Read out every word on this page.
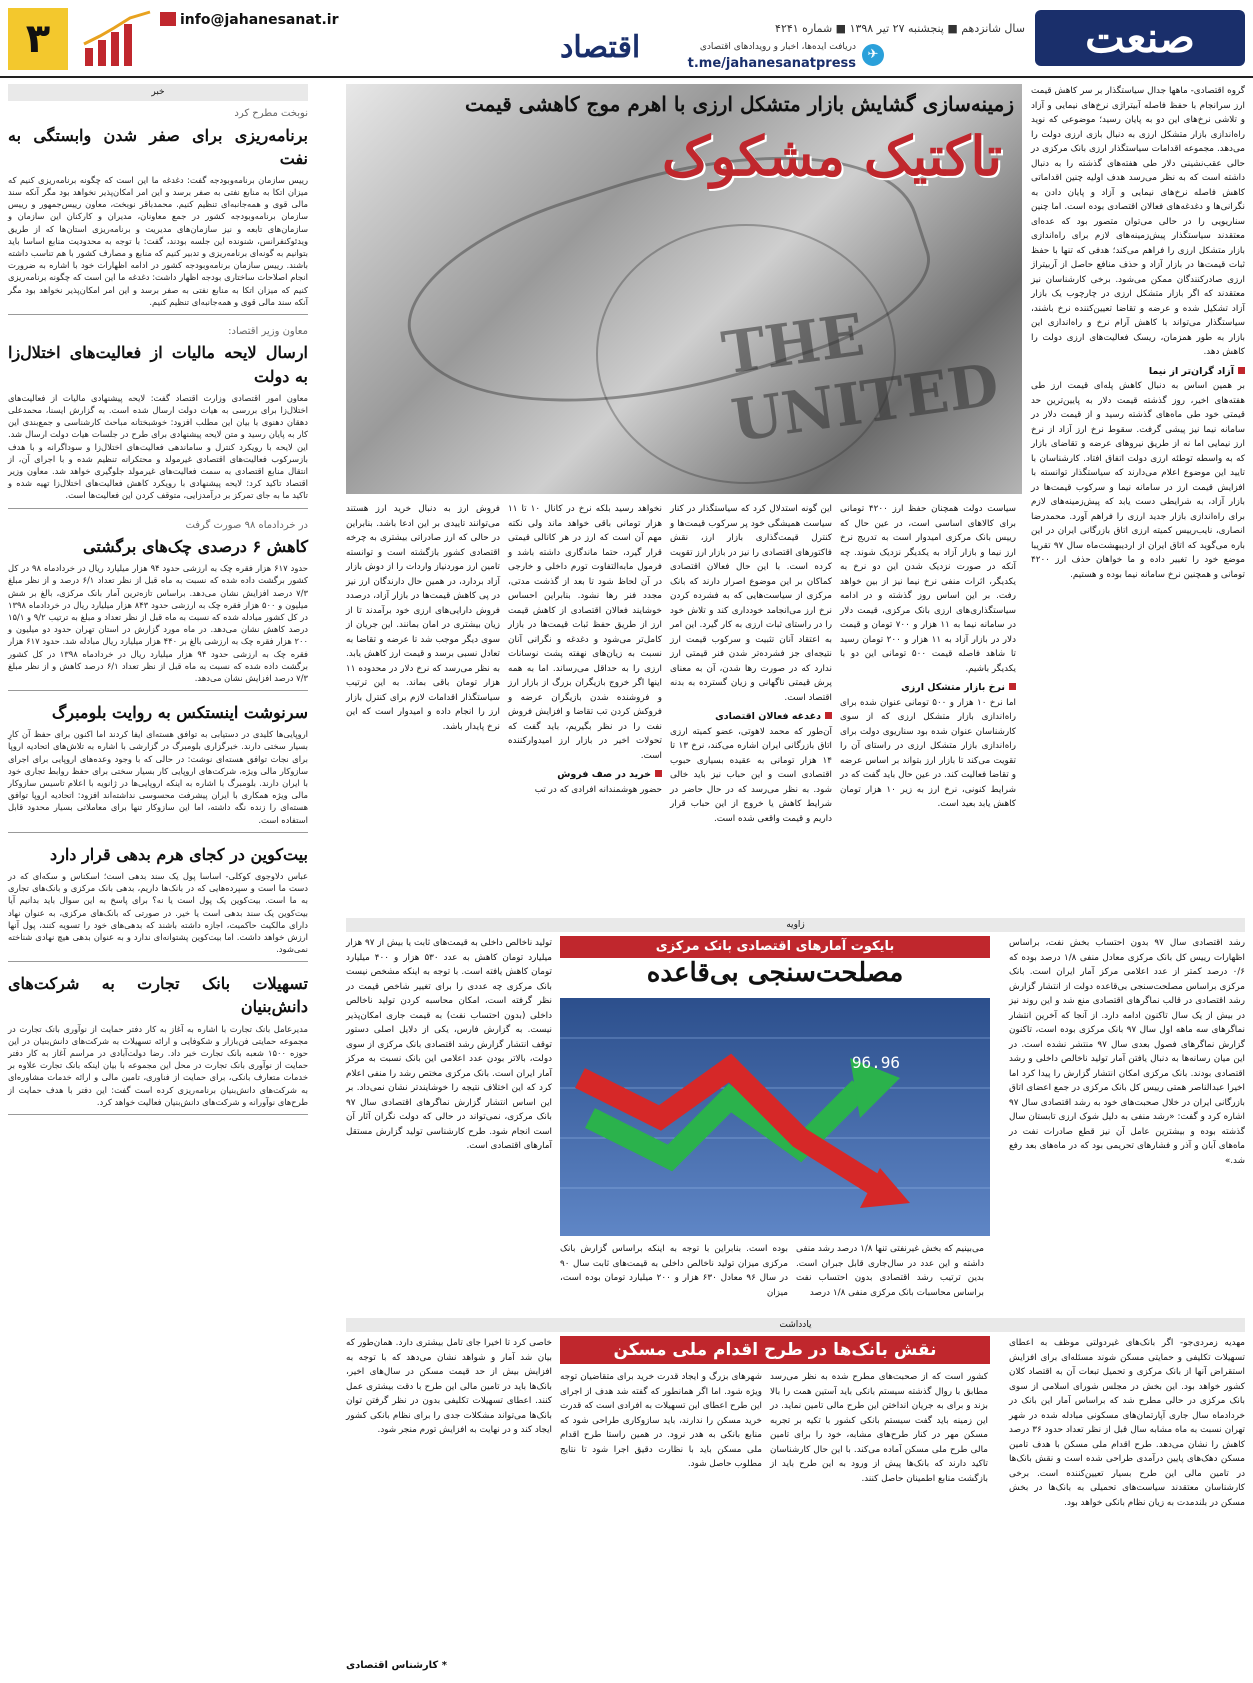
صنعت
سال شانزدهم ■ پنجشنبه ۲۷ تیر ۱۳۹۸ ■ شماره ۴۲۴۱
اقتصاد	✈
دریافت ایده‌ها، اخبار و رویدادهای اقتصادی
t.me/jahanesanatpress
info@jahanesanat.ir
۳
خبر
نوبخت مطرح کرد
برنامه‌ریزی برای صفر شدن وابستگی به نفت
رییس سازمان برنامه‌وبودجه گفت: دغدغه ما این است که چگونه برنامه‌ریزی کنیم که میزان اتکا به منابع نفتی به صفر برسد و این امر امکان‌پذیر نخواهد بود مگر آنکه سند مالی قوی و همه‌جانبه‌ای تنظیم کنیم. محمدباقر نوبخت، معاون رییس‌جمهور و رییس سازمان برنامه‌وبودجه کشور در جمع معاونان، مدیران و کارکنان این سازمان و سازمان‌های تابعه و نیز سازمان‌های مدیریت و برنامه‌ریزی استان‌ها که از طریق ویدئوکنفرانس، شنونده این جلسه بودند، گفت: با توجه به محدودیت منابع اساسا باید بتوانیم به گونه‌ای برنامه‌ریزی و تدبیر کنیم که منابع و مصارف کشور با هم تناسب داشته باشند. رییس سازمان برنامه‌وبودجه کشور در ادامه اظهارات خود با اشاره به ضرورت انجام اصلاحات ساختاری بودجه اظهار داشت: دغدغه ما این است که چگونه برنامه‌ریزی کنیم که میزان اتکا به منابع نفتی به صفر برسد و این امر امکان‌پذیر نخواهد بود مگر آنکه سند مالی قوی و همه‌جانبه‌ای تنظیم کنیم.
معاون وزیر اقتصاد:
ارسال لایحه مالیات از فعالیت‌های اختلال‌زا به دولت
معاون امور اقتصادی وزارت اقتصاد گفت: لایحه پیشنهادی مالیات از فعالیت‌های اختلال‌زا برای بررسی به هیات دولت ارسال شده است. به گزارش ایسنا، محمدعلی دهقان دهنوی با بیان این مطلب افزود: خوشبختانه مباحث کارشناسی و جمع‌بندی این کار به پایان رسید و متن لایحه پیشنهادی برای طرح در جلسات هیات دولت ارسال شد. این لایحه با رویکرد کنترل و ساماندهی فعالیت‌های اختلال‌زا و سوداگرانه و با هدف بازسرکوب فعالیت‌های اقتصادی غیرمولد و محتکرانه تنظیم شده و با اجرای آن، از انتقال منابع اقتصادی به سمت فعالیت‌های غیرمولد جلوگیری خواهد شد. معاون وزیر اقتصاد تاکید کرد: لایحه پیشنهادی با رویکرد کاهش فعالیت‌های اختلال‌زا تهیه شده و تاکید ما به جای تمرکز بر درآمدزایی، متوقف کردن این فعالیت‌ها است.
در خردادماه ۹۸ صورت گرفت
کاهش ۶ درصدی چک‌های برگشتی
حدود ۶۱۷ هزار فقره چک به ارزشی حدود ۹۴ هزار میلیارد ریال در خردادماه ۹۸ در کل کشور برگشت داده شده که نسبت به ماه قبل از نظر تعداد ۶/۱ درصد و از نظر مبلغ ۷/۳ درصد افزایش نشان می‌دهد. براساس تازه‌ترین آمار بانک مرکزی، بالغ بر شش میلیون و ۵۰۰ هزار فقره چک به ارزشی حدود ۸۴۳ هزار میلیارد ریال در خردادماه ۱۳۹۸ در کل کشور مبادله شده که نسبت به ماه قبل از نظر تعداد و مبلغ به ترتیب ۹/۲ و ۱۵/۱ درصد کاهش نشان می‌دهد. در ماه مورد گزارش در استان تهران حدود دو میلیون و ۲۰۰ هزار فقره چک به ارزشی بالغ بر ۴۴۰ هزار میلیارد ریال مبادله شد. حدود ۶۱۷ هزار فقره چک به ارزشی حدود ۹۴ هزار میلیارد ریال در خردادماه ۱۳۹۸ در کل کشور برگشت داده شده که نسبت به ماه قبل از نظر تعداد ۶/۱ درصد کاهش و از نظر مبلغ ۷/۳ درصد افزایش نشان می‌دهد.
سرنوشت اینستکس به روایت بلومبرگ
اروپایی‌ها کلیدی در دستیابی به توافق هسته‌ای ایفا کردند اما اکنون برای حفظ آن کارِ بسیار سختی دارند. خبرگزاری بلومبرگ در گزارشی با اشاره به تلاش‌های اتحادیه اروپا برای نجات توافق هسته‌ای نوشت: در حالی که با وجود وعده‌های اروپایی برای اجرای سازوکار مالی ویژه، شرکت‌های اروپایی کار بسیار سختی برای حفظ روابط تجاری خود با ایران دارند. بلومبرگ با اشاره به اینکه اروپایی‌ها در ژانویه با اعلام تاسیس سازوکار مالی ویژه همکاری با ایران پیشرفت محسوسی نداشته‌اند افزود: اتحادیه اروپا توافق هسته‌ای را زنده نگه داشته، اما این سازوکار تنها برای معاملاتی بسیار محدود قابل استفاده است.
بیت‌کوین در کجای هرم بدهی قرار دارد
عباس دلاوجوی کوکلی- اساسا پول یک سند بدهی است؛ اسکناس و سکه‌ای که در دست ما است و سپرده‌هایی که در بانک‌ها داریم، بدهی بانک مرکزی و بانک‌های تجاری به ما است. بیت‌کوین یک پول است یا نه؟ برای پاسخ به این سوال باید بدانیم آیا بیت‌کوین یک سند بدهی است یا خیر. در صورتی که بانک‌های مرکزی، به عنوان نهاد دارای مالکیت حاکمیت، اجازه داشته باشند که بدهی‌های خود را تسویه کنند، پول آنها ارزش خواهد داشت. اما بیت‌کوین پشتوانه‌ای ندارد و به عنوان بدهی هیچ نهادی شناخته نمی‌شود.
تسهیلات بانک تجارت به شرکت‌های دانش‌بنیان
مدیرعامل بانک تجارت با اشاره به آغاز به کار دفتر حمایت از نوآوری بانک تجارت در مجموعه حمایتی فن‌بازار و شکوفایی و ارائه تسهیلات به شرکت‌های دانش‌بنیان در این حوزه ۱۵۰۰ شعبه بانک تجارت خبر داد. رضا دولت‌آبادی در مراسم آغاز به کار دفتر حمایت از نوآوری بانک تجارت در محل این مجموعه با بیان اینکه بانک تجارت علاوه بر خدمات متعارف بانکی، برای حمایت از فناوری، تامین مالی و ارائه خدمات مشاوره‌ای به شرکت‌های دانش‌بنیان برنامه‌ریزی کرده است گفت: این دفتر با هدف حمایت از طرح‌های نوآورانه و شرکت‌های دانش‌بنیان فعالیت خواهد کرد.
THE UNITED
زمینه‌سازی گشایش بازار متشکل ارزی با اهرم موج کاهشی قیمت
تاکتیک مشکوک
گروه اقتصادی- ماهها جدال سیاستگذار بر سر کاهش قیمت ارز سرانجام با حفظ فاصله آبیتراژی نرخ‌های نیمایی و آزاد و تلاشی نرخ‌های این دو به پایان رسید؛ موضوعی که نوید راه‌اندازی بازار متشکل ارزی به دنبال بازی ارزی دولت را می‌دهد. مجموعه اقدامات سیاستگذار ارزی بانک مرکزی در حالی عقب‌نشینی دلار طی هفته‌های گذشته را به دنبال داشته است که به نظر می‌رسد هدف اولیه چنین اقداماتی کاهش فاصله نرخ‌های نیمایی و آزاد و پایان دادن به نگرانی‌ها و دغدغه‌های فعالان اقتصادی بوده است. اما چنین سناریویی را در حالی می‌توان متصور بود که عده‌ای معتقدند سیاستگذار پیش‌زمینه‌های لازم برای راه‌اندازی بازار متشکل ارزی را فراهم می‌کند؛ هدفی که تنها با حفظ ثبات قیمت‌ها در بازار آزاد و حذف منافع حاصل از آربیتراژ ارزی صادرکنندگان ممکن می‌شود. برخی کارشناسان نیز معتقدند که اگر بازار متشکل ارزی در چارچوب یک بازار آزاد تشکیل شده و عرضه و تقاضا تعیین‌کننده نرخ باشند، سیاستگذار می‌تواند با کاهش آرام نرخ و راه‌اندازی این بازار به طور همزمان، ریسک فعالیت‌های ارزی دولت را کاهش دهد.
آزاد گران‌تر از نیما
بر همین اساس به دنبال کاهش پله‌ای قیمت ارز طی هفته‌های اخیر، روز گذشته قیمت دلار به پایین‌ترین حد قیمتی خود طی ماه‌های گذشته رسید و از قیمت دلار در سامانه نیما نیز پیشی گرفت. سقوط نرخ ارز آزاد از نرخ ارز نیمایی اما نه از طریق نیروهای عرضه و تقاضای بازار که به واسطه توطئه ارزی دولت اتفاق افتاد. کارشناسان با تایید این موضوع اعلام می‌دارند که سیاستگذار توانسته با افزایش قیمت ارز در سامانه نیما و سرکوب قیمت‌ها در بازار آزاد، به شرایطی دست یابد که پیش‌زمینه‌های لازم برای راه‌اندازی بازار جدید ارزی را فراهم آورد. محمدرضا انصاری، نایب‌رییس کمیته ارزی اتاق بازرگانی ایران در این باره می‌گوید که اتاق ایران از اردیبهشت‌ماه سال ۹۷ تقریبا موضع خود را تغییر داده و ما خواهان حذف ارز ۴۲۰۰ تومانی و همچنین نرخ سامانه نیما بوده و هستیم.
سیاست دولت همچنان حفظ ارز ۴۲۰۰ تومانی برای کالاهای اساسی است، در عین حال که رییس بانک مرکزی امیدوار است به تدریج نرخ ارز نیما و بازار آزاد به یکدیگر نزدیک شوند. چه آنکه در صورت نزدیک شدن این دو نرخ به یکدیگر، اثرات منفی نرخ نیما نیز از بین خواهد رفت. بر این اساس روز گذشته و در ادامه سیاستگذاری‌های ارزی بانک مرکزی، قیمت دلار در سامانه نیما به ۱۱ هزار و ۷۰۰ تومان و قیمت دلار در بازار آزاد به ۱۱ هزار و ۲۰۰ تومان رسید تا شاهد فاصله قیمت ۵۰۰ تومانی این دو با یکدیگر باشیم.
نرخ بازار متشکل ارزی
اما نرخ ۱۰ هزار و ۵۰۰ تومانی عنوان شده برای راه‌اندازی بازار متشکل ارزی که از سوی کارشناسان عنوان شده بود سناریوی دولت برای راه‌اندازی بازار متشکل ارزی در راستای آن را تقویت می‌کند تا بازار ارز بتواند بر اساس عرضه و تقاضا فعالیت کند. در عین حال باید گفت که در شرایط کنونی، نرخ ارز به زیر ۱۰ هزار تومان کاهش یابد بعید است.
این گونه استدلال کرد که سیاستگذار در کنار سیاست همیشگی خود پر سرکوب قیمت‌ها و کنترل قیمت‌گذاری بازار ارز، نقش فاکتورهای اقتصادی را نیز در بازار ارز تقویت کرده است. با این حال فعالان اقتصادی کماکان بر این موضوع اصرار دارند که بانک مرکزی از سیاست‌هایی که به فشرده کردن نرخ ارز می‌انجامد خودداری کند و تلاش خود را در راستای ثبات ارزی به کار گیرد. این امر به اعتقاد آنان تثبیت و سرکوب قیمت ارز نتیجه‌ای جز فشرده‌تر شدن فنر قیمتی ارز ندارد که در صورت رها شدن، آن به معنای پرش قیمتی ناگهانی و زیان گسترده به بدنه اقتصاد است.
دغدغه فعالان اقتصادی
آن‌طور که محمد لاهوتی، عضو کمیته ارزی اتاق بازرگانی ایران اشاره می‌کند، نرخ ۱۳ تا ۱۴ هزار تومانی به عقیده بسیاری حبوب اقتصادی است و این حباب نیز باید خالی شود. به نظر می‌رسد که در حال حاضر در شرایط کاهش یا خروج از این حباب قرار داریم و قیمت واقعی شده است.
نخواهد رسید بلکه نرخ در کانال ۱۰ تا ۱۱ هزار تومانی باقی خواهد ماند ولی نکته مهم آن است که ارز در هر کانالی قیمتی قرار گیرد، حتما ماندگاری داشته باشد و فرمول مابه‌التفاوت تورم داخلی و خارجی در آن لحاظ شود تا بعد از گذشت مدتی، مجدد فنر رها نشود. بنابراین احساس خوشایند فعالان اقتصادی از کاهش قیمت ارز از طریق حفظ ثبات قیمت‌ها در بازار کامل‌تر می‌شود و دغدغه و نگرانی آنان نسبت به زیان‌های نهفته پشت نوسانات ارزی را به حداقل می‌رساند. اما به همه اینها اگر خروج بازیگران بزرگ از بازار ارز و فروشنده شدن بازیگران عرضه و فروکش کردن تب تقاضا و افزایش فروش نفت را در نظر بگیریم، باید گفت که تحولات اخیر در بازار ارز امیدوارکننده است.
خرید در صف فروش
حضور هوشمندانه افرادی که در تب
فروش ارز به دنبال خرید ارز هستند می‌توانند تاییدی بر این ادعا باشد. بنابراین در حالی که ارز صادراتی بیشتری به چرخه اقتصادی کشور بازگشته است و توانسته تامین ارز موردنیاز واردات را از دوش بازار آزاد بردارد، در همین حال دارندگان ارز نیز در پی کاهش قیمت‌ها در بازار آزاد، درصدد فروش دارایی‌های ارزی خود برآمدند تا از زیان بیشتری در امان بمانند. این جریان از سوی دیگر موجب شد تا عرضه و تقاضا به تعادل نسبی برسد و قیمت ارز کاهش یابد. به نظر می‌رسد که نرخ دلار در محدوده ۱۱ هزار تومان باقی بماند. به این ترتیب سیاستگذار اقدامات لازم برای کنترل بازار ارز را انجام داده و امیدوار است که این نرخ پایدار باشد.
زاویه
بایکوت آمارهای اقتصادی بانک مرکزی
مصلحت‌سنجی بی‌قاعده
96.96
رشد اقتصادی سال ۹۷ بدون احتساب بخش نفت، براساس اظهارات رییس کل بانک مرکزی معادل منفی ۱/۸ درصد بوده که ۰/۶ درصد کمتر از عدد اعلامی مرکز آمار ایران است. بانک مرکزی براساس مصلحت‌سنجی بی‌قاعده دولت از انتشار گزارش رشد اقتصادی در قالب نماگرهای اقتصادی منع شد و این روند نیز در بیش از یک سال تاکنون ادامه دارد. از آنجا که آخرین انتشار نماگرهای سه ماهه اول سال ۹۷ بانک مرکزی بوده است، تاکنون گزارش نماگرهای فصول بعدی سال ۹۷ منتشر نشده است. در این میان رسانه‌ها به دنبال یافتن آمار تولید ناخالص داخلی و رشد اقتصادی بودند. بانک مرکزی امکان انتشار گزارش را پیدا کرد اما اخیرا عبدالناصر همتی رییس کل بانک مرکزی در جمع اعضای اتاق بازرگانی ایران در خلال صحبت‌های خود به رشد اقتصادی سال ۹۷ اشاره کرد و گفت: «رشد منفی به دلیل شوک ارزی تابستان سال گذشته بوده و بیشترین عامل آن نیز قطع صادرات نفت در ماه‌های آبان و آذر و فشارهای تحریمی بود که در ماه‌های بعد رفع شد.»
تولید ناخالص داخلی به قیمت‌های ثابت یا بیش از ۹۷ هزار میلیارد تومان کاهش به عدد ۵۳۰ هزار و ۴۰۰ میلیارد تومان کاهش یافته است. با توجه به اینکه مشخص نیست بانک مرکزی چه عددی را برای تغییر شاخص قیمت در نظر گرفته است، امکان محاسبه کردن تولید ناخالص داخلی (بدون احتساب نفت) به قیمت جاری امکان‌پذیر نیست. به گزارش فارس، یکی از دلایل اصلی دستور توقف انتشار گزارش رشد اقتصادی بانک مرکزی از سوی دولت، بالاتر بودن عدد اعلامی این بانک نسبت به مرکز آمار ایران است. بانک مرکزی مختص رشد را منفی اعلام کرد که این اختلاف نتیجه را خوشایندتر نشان نمی‌داد. بر این اساس انتشار گزارش نماگرهای اقتصادی سال ۹۷ بانک مرکزی، نمی‌تواند در حالی که دولت نگران آثار آن است انجام شود. طرح کارشناسی تولید گزارش مستقل آمارهای اقتصادی است.
می‌بینیم که بخش غیرنفتی تنها ۱/۸ درصد رشد منفی داشته و این عدد در سال‌جاری قابل جبران است. بدین ترتیب رشد اقتصادی بدون احتساب نفت براساس محاسبات بانک مرکزی منفی ۱/۸ درصد
بوده است. بنابراین با توجه به اینکه براساس گزارش بانک مرکزی میزان تولید ناخالص داخلی به قیمت‌های ثابت سال ۹۰ در سال ۹۶ معادل ۶۳۰ هزار و ۲۰۰ میلیارد تومان بوده است، میزان
یادداشت
نقش بانک‌ها در طرح اقدام ملی مسکن	مهدیه زمردی‌جو- اگر بانک‌های غیردولتی موظف به اعطای تسهیلات تکلیفی و حمایتی مسکن شوند مسئله‌ای برای افزایش استقراض آنها از بانک مرکزی و تحمیل تبعات آن به اقتصاد کلان کشور خواهد بود. این بخش در مجلس شورای اسلامی از سوی بانک مرکزی در حالی مطرح شد که براساس آمار این بانک در خردادماه سال جاری آپارتمان‌های مسکونی مبادله شده در شهر تهران نسبت به ماه مشابه سال قبل از نظر تعداد حدود ۳۶ درصد کاهش را نشان می‌دهد. طرح اقدام ملی مسکن با هدف تامین مسکن دهک‌های پایین درآمدی طراحی شده است و نقش بانک‌ها در تامین مالی این طرح بسیار تعیین‌کننده است. برخی کارشناسان معتقدند سیاست‌های تحمیلی به بانک‌ها در بخش مسکن در بلندمدت به زیان نظام بانکی خواهد بود.
کشور است که از صحبت‌های مطرح شده به نظر می‌رسد مطابق با روال گذشته سیستم بانکی باید آستین همت را بالا بزند و برای به جریان انداختن این طرح مالی تامین نماید. در این زمینه باید گفت سیستم بانکی کشور با تکیه بر تجربه مسکن مهر در کنار طرح‌های مشابه، خود را برای تامین مالی طرح ملی مسکن آماده می‌کند. با این حال کارشناسان تاکید دارند که بانک‌ها پیش از ورود به این طرح باید از بازگشت منابع اطمینان حاصل کنند.
شهرهای بزرگ و ایجاد قدرت خرید برای متقاضیان توجه ویژه شود. اما اگر همانطور که گفته شد هدف از اجرای این طرح اعطای این تسهیلات به افرادی است که قدرت خرید مسکن را ندارند، باید سازوکاری طراحی شود که منابع بانکی به هدر نرود. در همین راستا طرح اقدام ملی مسکن باید با نظارت دقیق اجرا شود تا نتایج مطلوب حاصل شود.
خاصی کرد تا اخیرا جای تامل بیشتری دارد. همان‌طور که بیان شد آمار و شواهد نشان می‌دهد که با توجه به افزایش بیش از حد قیمت مسکن در سال‌های اخیر، بانک‌ها باید در تامین مالی این طرح با دقت بیشتری عمل کنند. اعطای تسهیلات تکلیفی بدون در نظر گرفتن توان بانک‌ها می‌تواند مشکلات جدی را برای نظام بانکی کشور ایجاد کند و در نهایت به افزایش تورم منجر شود.
* کارشناس اقتصادی
